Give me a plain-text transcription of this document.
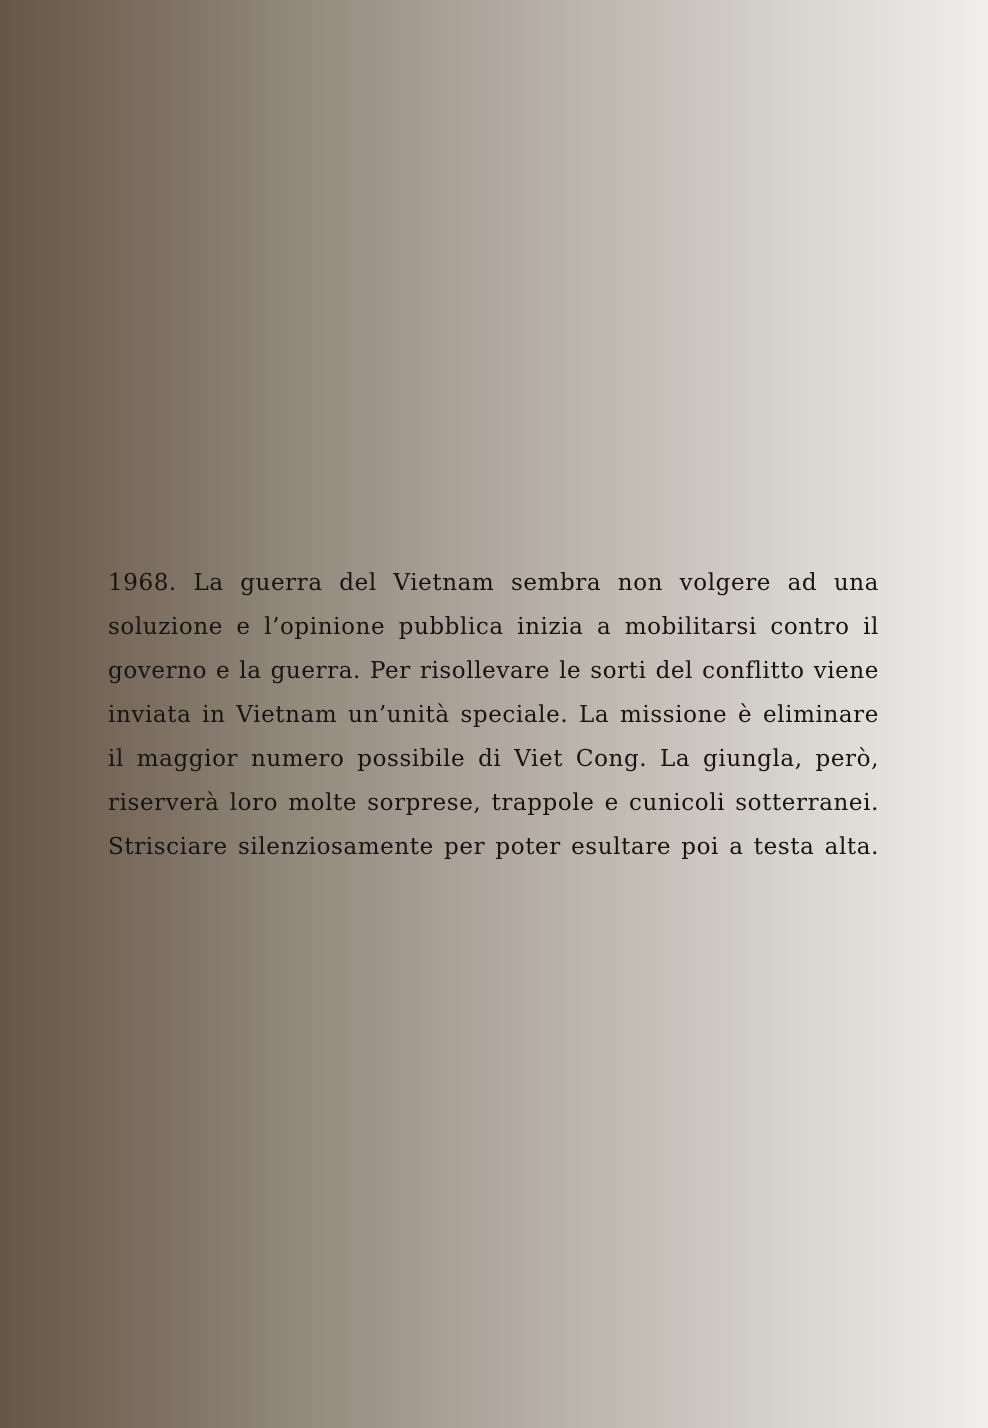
1968. La guerra del Vietnam sembra non volgere ad una
soluzione e l’opinione pubblica inizia a mobilitarsi contro il
governo e la guerra. Per risollevare le sorti del conflitto viene
inviata in Vietnam un’unità speciale. La missione è eliminare
il maggior numero possibile di Viet Cong. La giungla, però,
riserverà loro molte sorprese, trappole e cunicoli sotterranei.
Strisciare silenziosamente per poter esultare poi a testa alta.
